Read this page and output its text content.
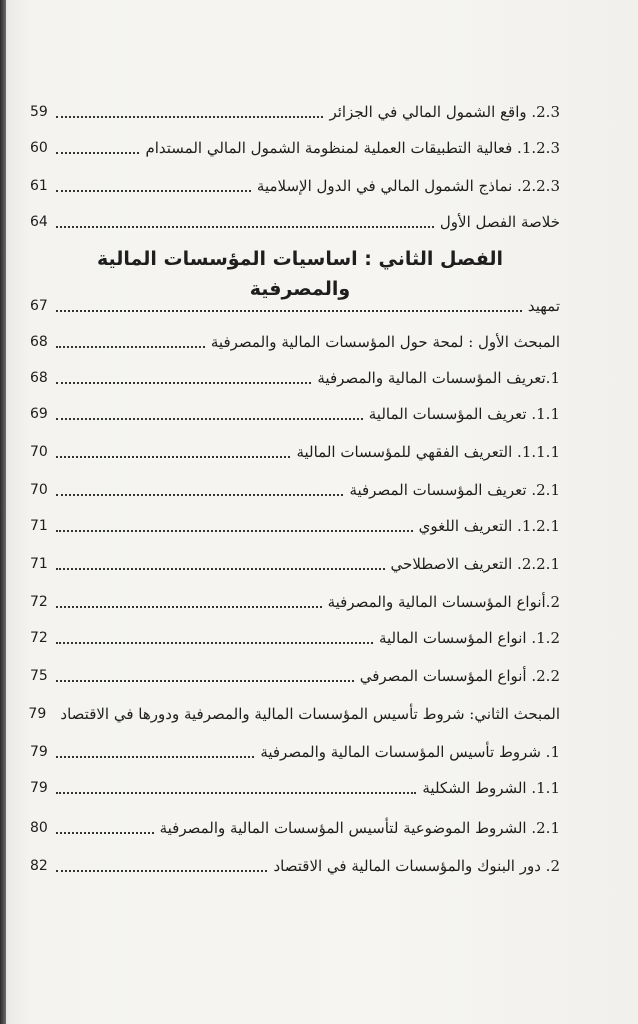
2.3. واقع الشمول المالي في الجزائر
59
1.2.3. فعالية التطبيقات العملية لمنظومة الشمول المالي المستدام
60
2.2.3. نماذج الشمول المالي في الدول الإسلامية
61
خلاصة الفصل الأول
64
الفصل الثاني : اساسيات المؤسسات المالية والمصرفية
تمهيد
67
المبحث الأول : لمحة حول المؤسسات المالية والمصرفية
68
1.تعريف المؤسسات المالية والمصرفية
68
1.1. تعريف المؤسسات المالية
69
1.1.1. التعريف الفقهي للمؤسسات المالية
70
2.1. تعريف المؤسسات المصرفية
70
1.2.1. التعريف اللغوي
71
2.2.1. التعريف الاصطلاحي
71
2.أنواع المؤسسات المالية والمصرفية
72
1.2. انواع المؤسسات المالية
72
2.2. أنواع المؤسسات المصرفي
75
المبحث الثاني: شروط تأسيس المؤسسات المالية والمصرفية ودورها في الاقتصاد
79
1. شروط تأسيس المؤسسات المالية والمصرفية
79
1.1. الشروط الشكلية
79
2.1. الشروط الموضوعية لتأسيس المؤسسات المالية والمصرفية
80
2. دور البنوك والمؤسسات المالية في الاقتصاد
82
